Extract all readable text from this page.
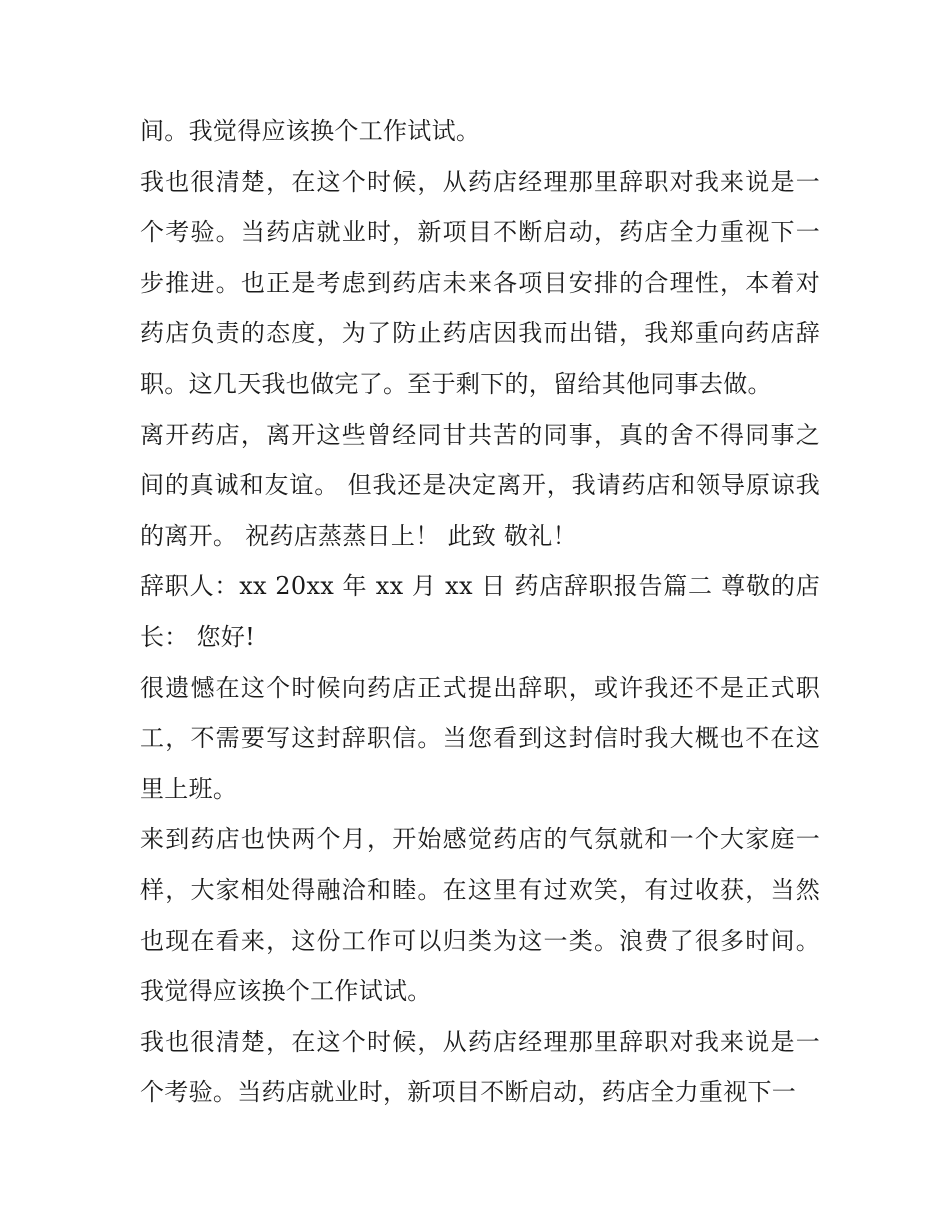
间。我觉得应该换个工作试试。

我也很清楚，在这个时候，从药店经理那里辞职对我来说是一个考验。当药店就业时，新项目不断启动，药店全力重视下一步推进。也正是考虑到药店未来各项目安排的合理性，本着对药店负责的态度，为了防止药店因我而出错，我郑重向药店辞职。这几天我也做完了。至于剩下的，留给其他同事去做。

离开药店，离开这些曾经同甘共苦的同事，真的舍不得同事之间的真诚和友谊。 但我还是决定离开，我请药店和领导原谅我的离开。 祝药店蒸蒸日上！ 此致 敬礼！

辞职人：xx 20xx 年 xx 月 xx 日 药店辞职报告篇二 尊敬的店长： 您好!

很遗憾在这个时候向药店正式提出辞职，或许我还不是正式职工，不需要写这封辞职信。当您看到这封信时我大概也不在这里上班。

来到药店也快两个月，开始感觉药店的气氛就和一个大家庭一样，大家相处得融洽和睦。在这里有过欢笑，有过收获，当然也现在看来，这份工作可以归类为这一类。浪费了很多时间。我觉得应该换个工作试试。

我也很清楚，在这个时候，从药店经理那里辞职对我来说是一个考验。当药店就业时，新项目不断启动，药店全力重视下一
